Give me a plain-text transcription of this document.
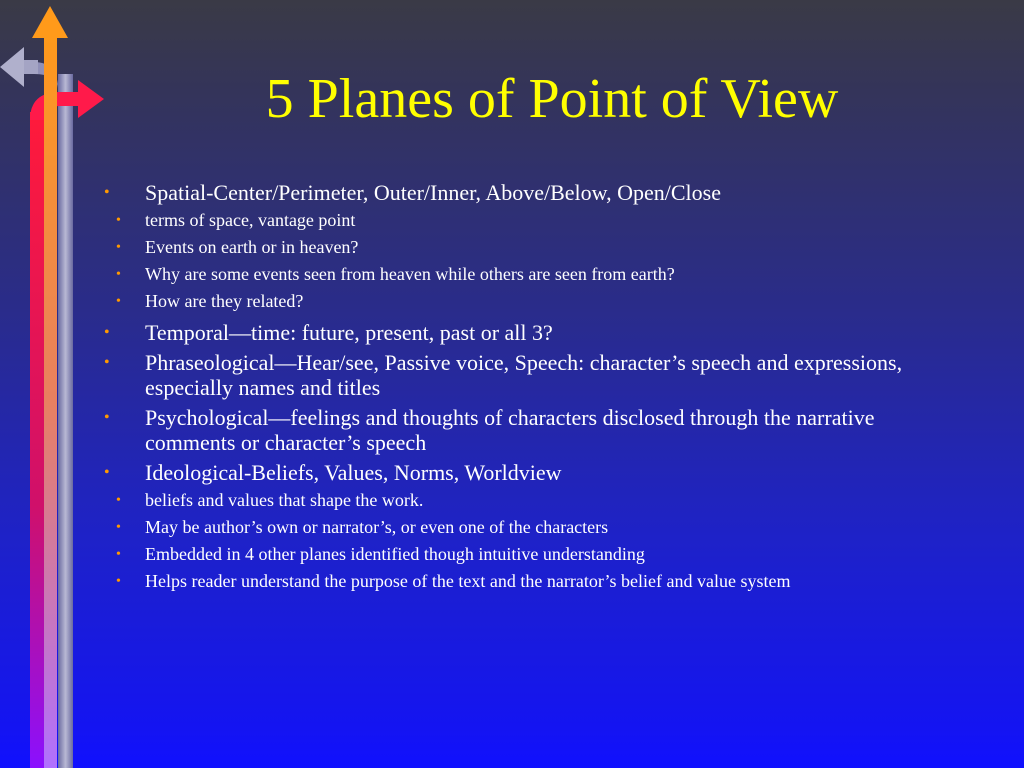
5 Planes of Point of View
• Spatial-Center/Perimeter, Outer/Inner, Above/Below, Open/Close
• terms of space, vantage point
• Events on earth or in heaven?
• Why are some events seen from heaven while others are seen from earth?
• How are they related?
• Temporal—time: future, present, past or all 3?
• Phraseological—Hear/see, Passive voice, Speech: character’s speech and expressions, especially names and titles
• Psychological—feelings and thoughts of characters disclosed through the narrative comments or character’s speech
• Ideological-Beliefs, Values, Norms, Worldview
• beliefs and values that shape the work.
• May be author’s own or narrator’s, or even one of the characters
• Embedded in 4 other planes identified though intuitive understanding
• Helps reader understand the purpose of the text and the narrator’s belief and value system
